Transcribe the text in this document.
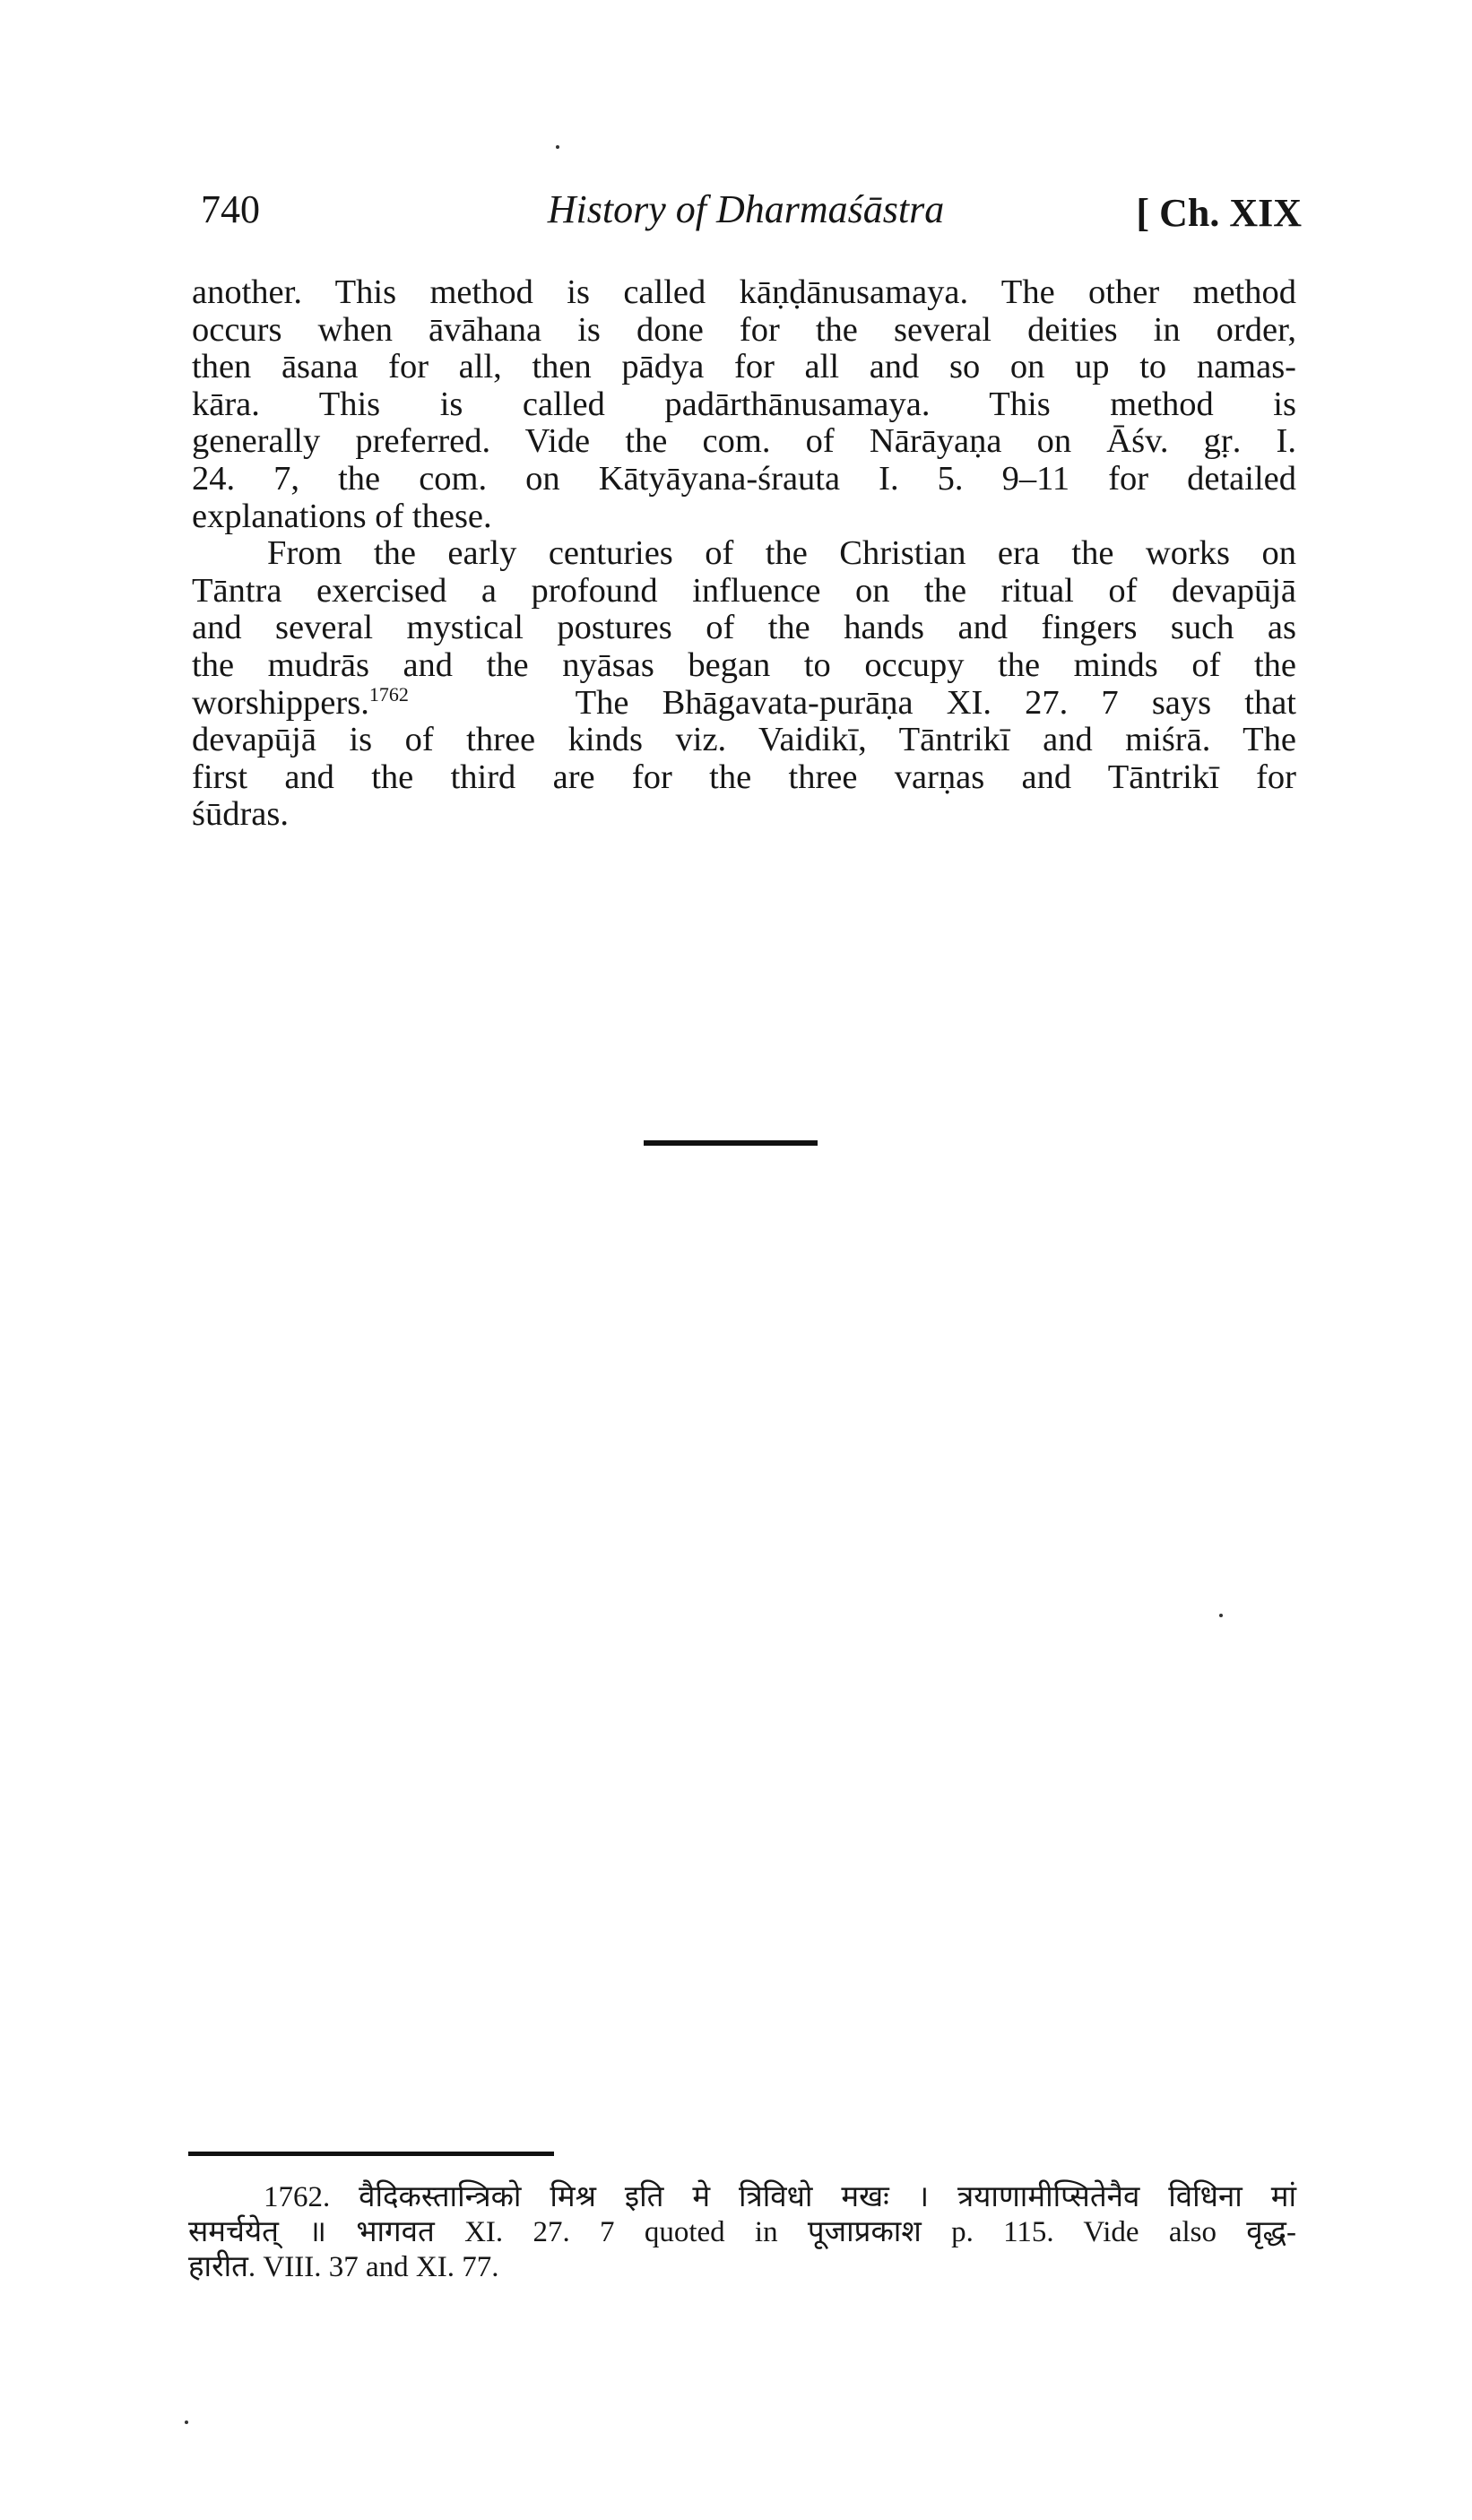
740	History of Dharmaśāstra	[ Ch. XIX

another. This method is called kāṇḍānusamaya. The other method
occurs when āvāhana is done for the several deities in order,
then āsana for all, then pādya for all and so on up to namas-
kāra. This is called padārthānusamaya. This method is
generally preferred. Vide the com. of Nārāyaṇa on Āśv. gṛ. I.
24. 7, the com. on Kātyāyana-śrauta I. 5. 9–11 for detailed
explanations of these.

From the early centuries of the Christian era the works on
Tāntra exercised a profound influence on the ritual of devapūjā
and several mystical postures of the hands and fingers such as
the mudrās and the nyāsas began to occupy the minds of the
worshippers.$^{1762}$	The Bhāgavata-purāṇa XI. 27. 7 says that
devapūjā is of three kinds viz. Vaidikī, Tāntrikī and miśrā. The
first and the third are for the three varṇas and Tāntrikī for
śūdras.

1762. वैदिकस्तान्त्रिको मिश्र इति मे त्रिविधो मखः । त्रयाणामीप्सितेनैव विधिना मां
समर्चयेत् ॥ भागवत XI. 27. 7 quoted in पूजाप्रकाश p. 115. Vide also वृद्ध-
हारीत. VIII. 37 and XI. 77.
